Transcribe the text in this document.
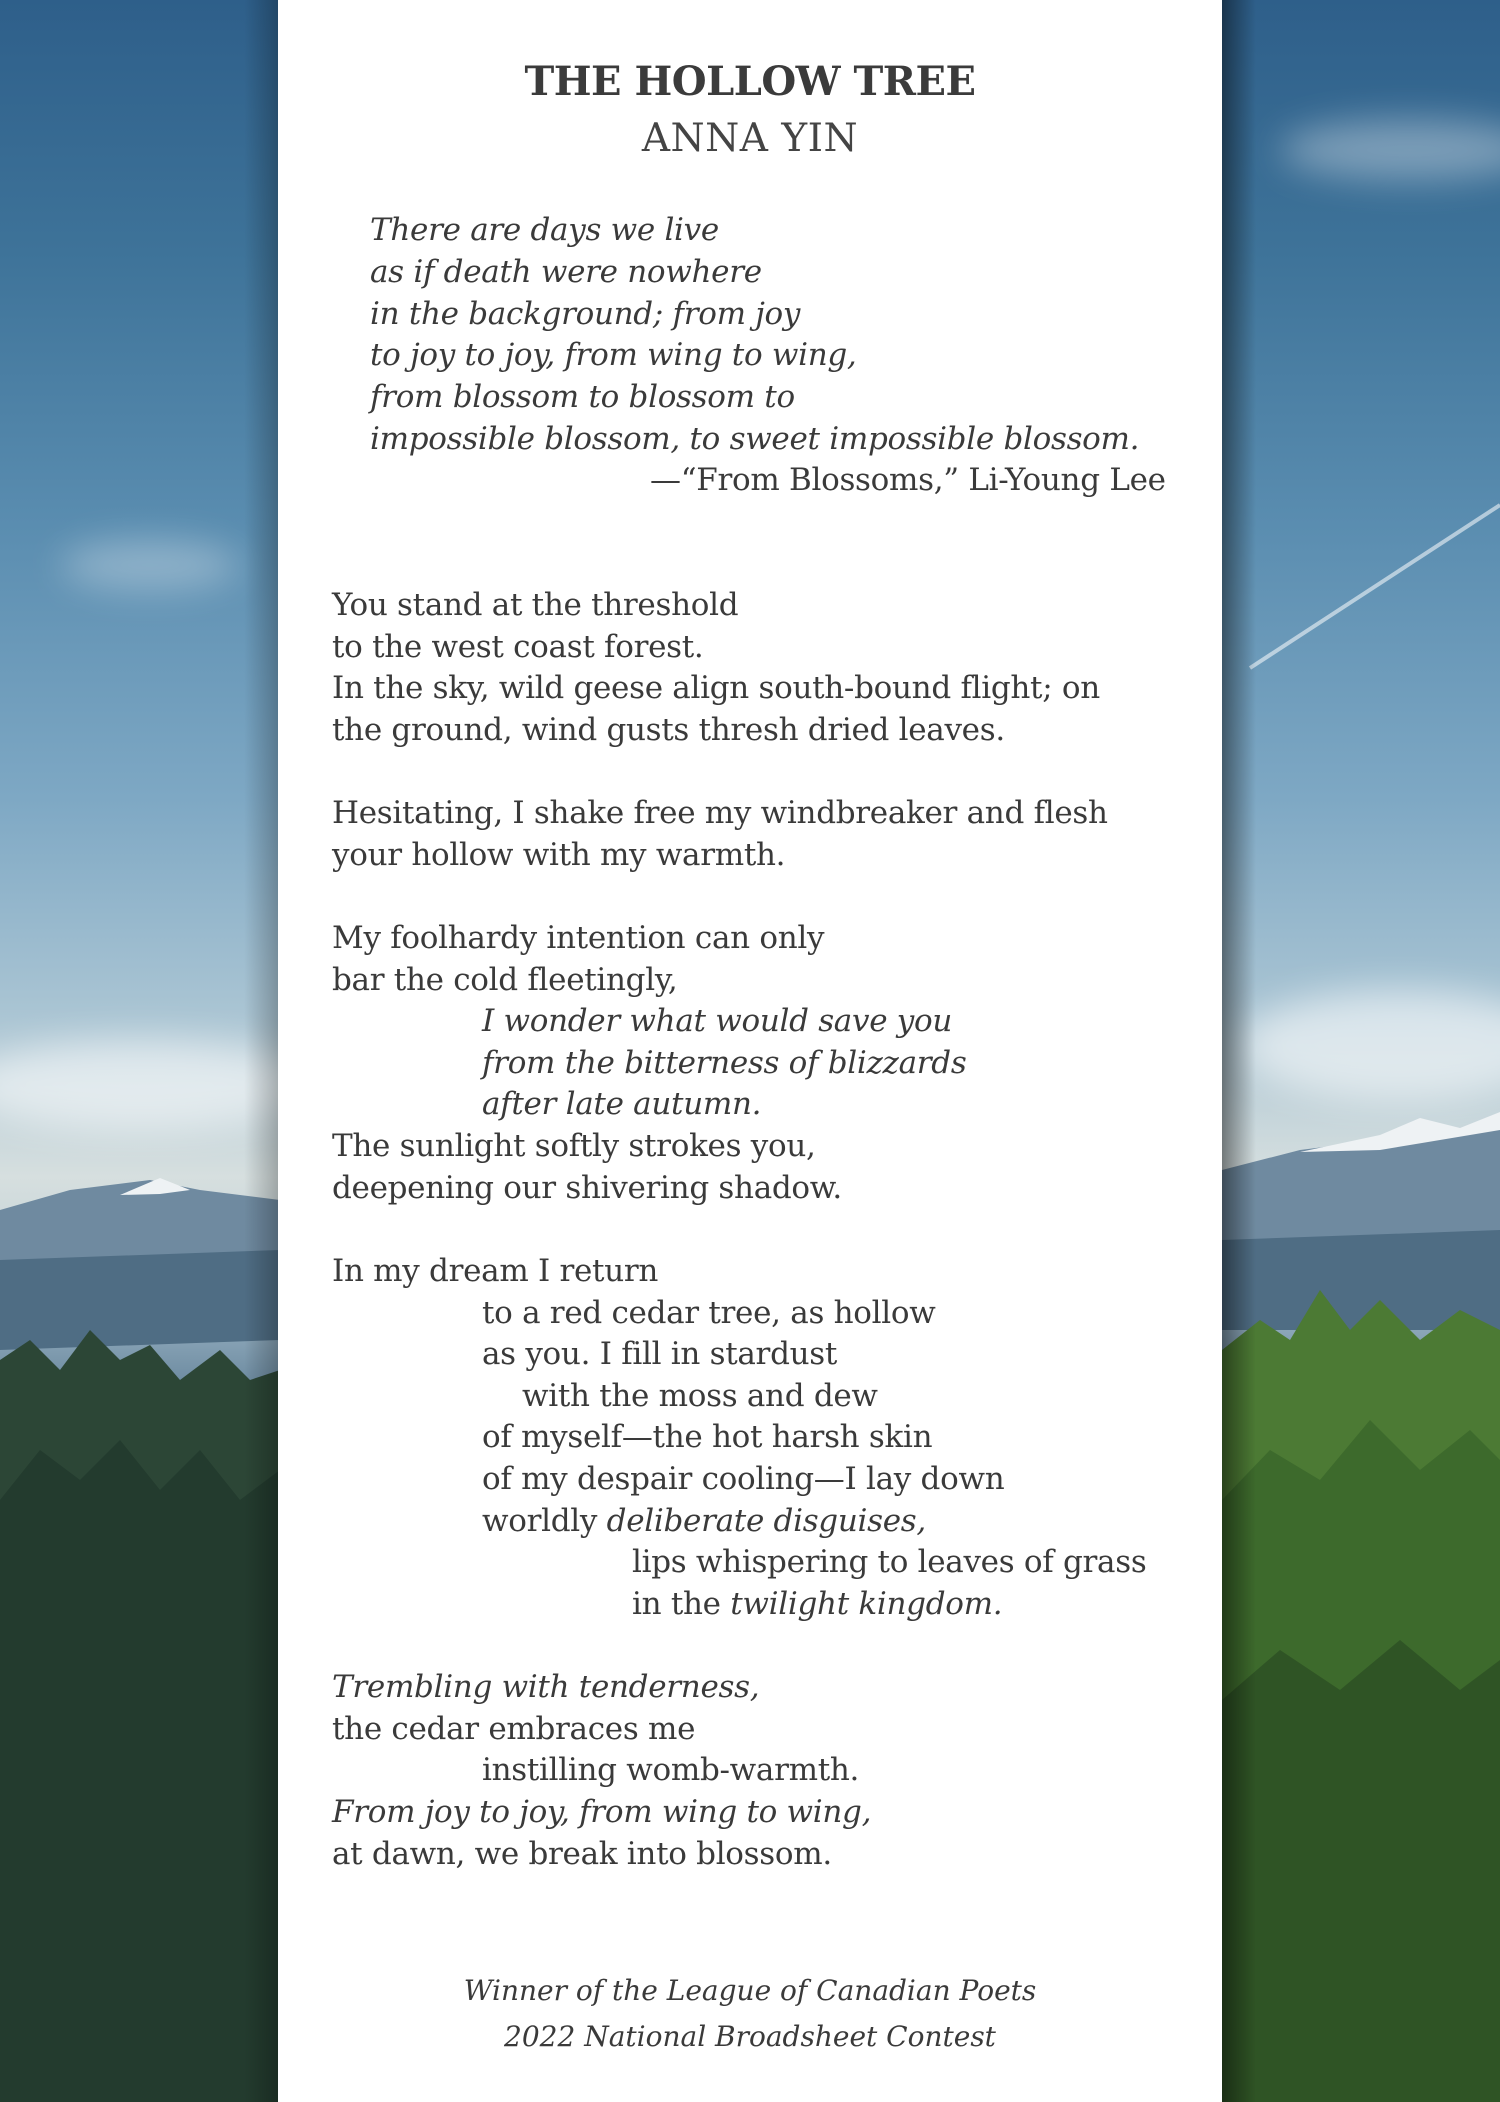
THE HOLLOW TREE
ANNA YIN
There are days we live
as if death were nowhere
in the background; from joy
to joy to joy, from wing to wing,
from blossom to blossom to
impossible blossom, to sweet impossible blossom.
—“From Blossoms,” Li-Young Lee
You stand at the threshold
to the west coast forest.
In the sky, wild geese align south-bound flight; on
the ground, wind gusts thresh dried leaves.
Hesitating, I shake free my windbreaker and flesh
your hollow with my warmth.
My foolhardy intention can only
bar the cold fleetingly,
I wonder what would save you
from the bitterness of blizzards
after late autumn.
The sunlight softly strokes you,
deepening our shivering shadow.
In my dream I return
to a red cedar tree, as hollow
as you. I fill in stardust
with the moss and dew
of myself—the hot harsh skin
of my despair cooling—I lay down
worldly deliberate disguises,
lips whispering to leaves of grass
in the twilight kingdom.
Trembling with tenderness,
the cedar embraces me
instilling womb-warmth.
From joy to joy, from wing to wing,
at dawn, we break into blossom.
Winner of the League of Canadian Poets
2022 National Broadsheet Contest
